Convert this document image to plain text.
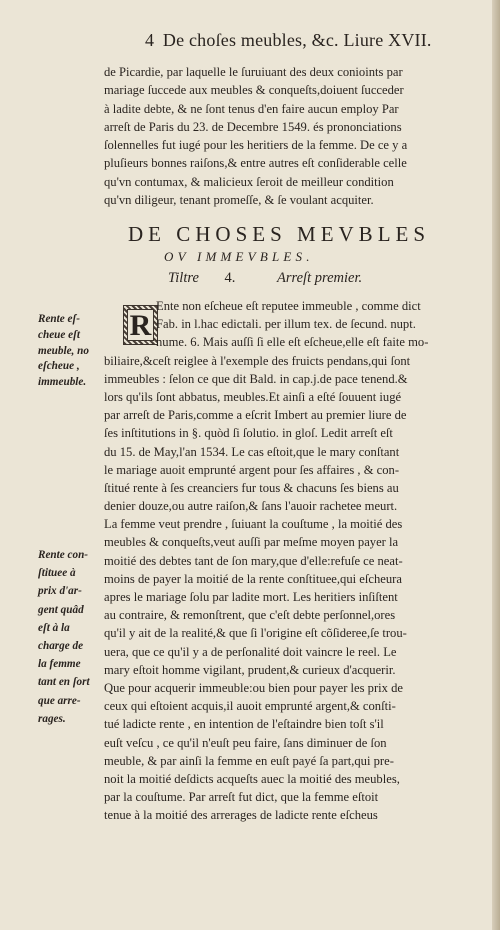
4 De choſes meubles, &c. Liure XVII.
de Picardie, par laquelle le ſuruiuant des deux conioints par
mariage ſuccede aux meubles & conqueſts,doiuent ſucceder
à ladite debte, & ne ſont tenus d'en faire aucun employ Par
arreſt de Paris du 23. de Decembre 1549. és prononciations
ſolennelles fut iugé pour les heritiers de la femme. De ce y a
pluſieurs bonnes raiſons,& entre autres eſt conſiderable celle
qu'vn contumax, & malicieux ſeroit de meilleur condition
qu'vn diligeur, tenant promeſſe, & ſe voulant acquiter.
DE CHOSES MEVBLES
OV IMMEVBLES.
Tiltre 4.	Arreſt premier.
R
Ente non eſcheue eſt reputee immeuble , comme dict
Fab. in l.hac edictali. per illum tex. de ſecund. nupt.
nume. 6. Mais auſſi ſi elle eſt eſcheue,elle eſt faite mo-
biliaire,&ceſt reiglee à l'exemple des fruicts pendans,qui ſont
immeubles : ſelon ce que dit Bald. in cap.j.de pace tenend.&
lors qu'ils ſont abbatus, meubles.Et ainſi a eſté ſouuent iugé
par arreſt de Paris,comme a eſcrit Imbert au premier liure de
ſes inſtitutions in §. quòd ſi ſolutio. in gloſ. Ledit arreſt eſt
du 15. de May,l'an 1534. Le cas eſtoit,que le mary conſtant
le mariage auoit emprunté argent pour ſes affaires , & con-
ſtitué rente à ſes creanciers fur tous & chacuns ſes biens au
denier douze,ou autre raiſon,& ſans l'auoir rachetee meurt.
La femme veut prendre , ſuiuant la couſtume , la moitié des
meubles & conqueſts,veut auſſi par meſme moyen payer la
moitié des debtes tant de ſon mary,que d'elle:refuſe ce neat-
moins de payer la moitié de la rente conſtituee,qui eſcheura
apres le mariage ſolu par ladite mort. Les heritiers inſiſtent
au contraire, & remonſtrent, que c'eſt debte perſonnel,ores
qu'il y ait de la realité,& que ſi l'origine eſt cõſideree,ſe trou-
uera, que ce qu'il y a de perſonalité doit vaincre le reel. Le
mary eſtoit homme vigilant, prudent,& curieux d'acquerir.
Que pour acquerir immeuble:ou bien pour payer les prix de
ceux qui eſtoient acquis,il auoit emprunté argent,& conſti-
tué ladicte rente , en intention de l'eſtaindre bien toſt s'il
euſt veſcu , ce qu'il n'euſt peu faire, ſans diminuer de ſon
meuble, & par ainſi la femme en euſt payé ſa part,qui pre-
noit la moitié deſdicts acqueſts auec la moitié des meubles,
par la couſtume. Par arreſt fut dict, que la femme eſtoit
tenue à la moitié des arrerages de ladicte rente eſcheus
Rente eſ-
cheue eſt
meuble, no
eſcheue ,
immeuble.
Rente con-
ſtituee à
prix d'ar-
gent quâd
eſt à la
charge de
la femme
tant en ſort
que arre-
rages.
